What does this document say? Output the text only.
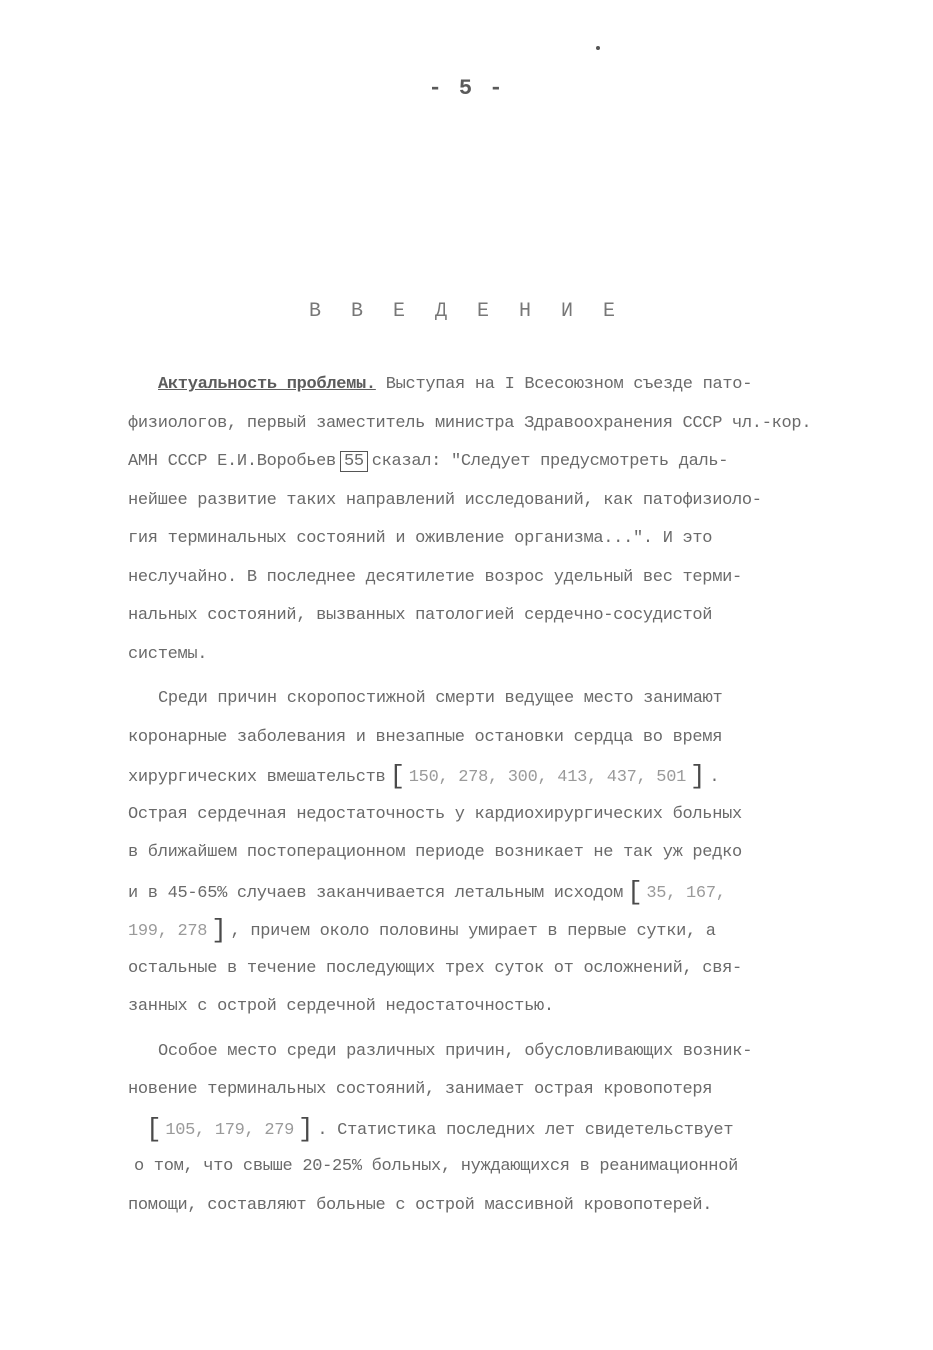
- 5 -
В В Е Д Е Н И Е
Актуальность проблемы. Выступая на I Всесоюзном съезде пато-
физиологов, первый заместитель министра Здравоохранения СССР чл.-кор.
АМН СССР Е.И.Воробьев 55 сказал: "Следует предусмотреть даль-
нейшее развитие таких направлений исследований, как патофизиоло-
гия терминальных состояний и оживление организма...". И это
неслучайно. В последнее десятилетие возрос удельный вес терми-
нальных состояний, вызванных патологией сердечно-сосудистой
системы.
Среди причин скоропостижной смерти ведущее место занимают
коронарные заболевания и внезапные остановки сердца во время
хирургических вмешательств [ 150, 278, 300, 413, 437, 501 ] .
Острая сердечная недостаточность у кардиохирургических больных
в ближайшем постоперационном периоде возникает не так уж редко
и в 45-65% случаев заканчивается летальным исходом [ 35, 167,
199, 278 ] , причем около половины умирает в первые сутки, а
остальные в течение последующих трех суток от осложнений, свя-
занных с острой сердечной недостаточностью.
Особое место среди различных причин, обусловливающих возник-
новение терминальных состояний, занимает острая кровопотеря
[ 105, 179, 279 ] . Статистика последних лет свидетельствует
о том, что свыше 20-25% больных, нуждающихся в реанимационной
помощи, составляют больные с острой массивной кровопотерей.
